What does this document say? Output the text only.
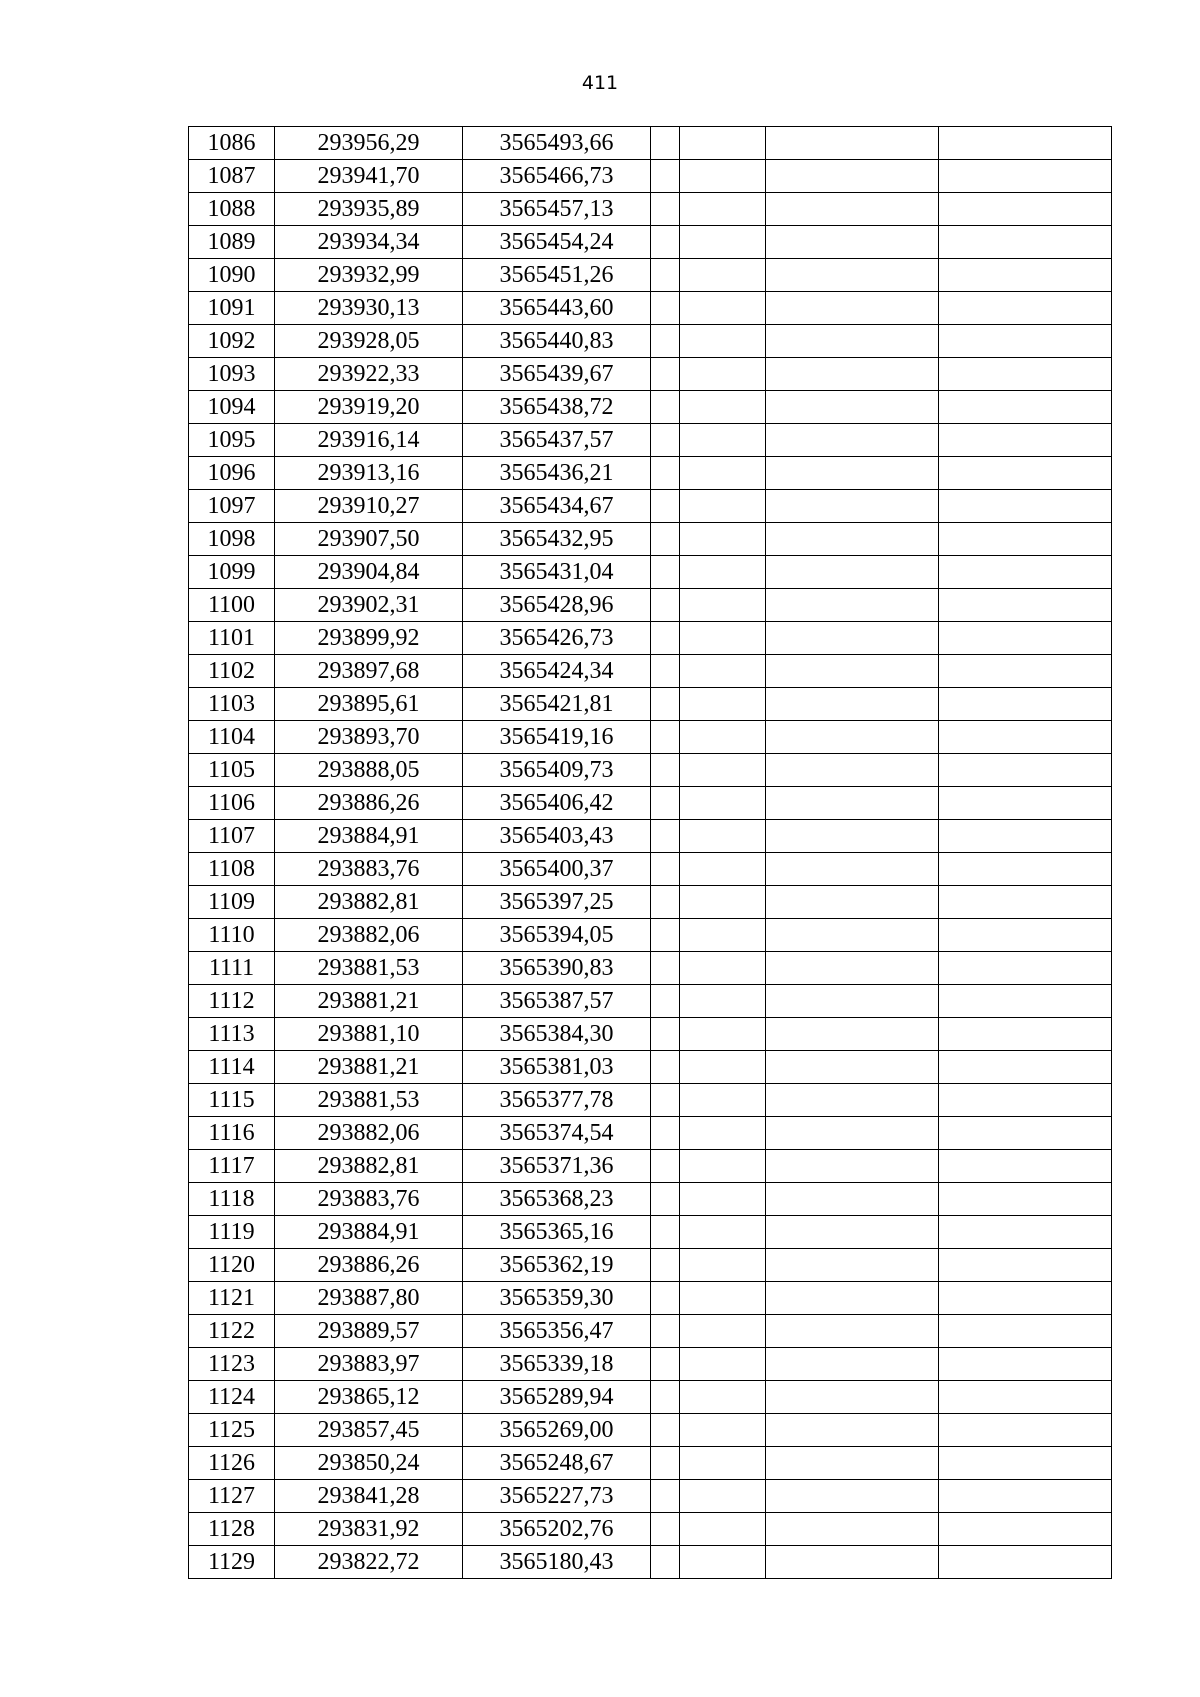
411
1086	293956,29	3565493,66				
1087	293941,70	3565466,73				
1088	293935,89	3565457,13				
1089	293934,34	3565454,24				
1090	293932,99	3565451,26				
1091	293930,13	3565443,60				
1092	293928,05	3565440,83				
1093	293922,33	3565439,67				
1094	293919,20	3565438,72				
1095	293916,14	3565437,57				
1096	293913,16	3565436,21				
1097	293910,27	3565434,67				
1098	293907,50	3565432,95				
1099	293904,84	3565431,04				
1100	293902,31	3565428,96				
1101	293899,92	3565426,73				
1102	293897,68	3565424,34				
1103	293895,61	3565421,81				
1104	293893,70	3565419,16				
1105	293888,05	3565409,73				
1106	293886,26	3565406,42				
1107	293884,91	3565403,43				
1108	293883,76	3565400,37				
1109	293882,81	3565397,25				
1110	293882,06	3565394,05				
1111	293881,53	3565390,83				
1112	293881,21	3565387,57				
1113	293881,10	3565384,30				
1114	293881,21	3565381,03				
1115	293881,53	3565377,78				
1116	293882,06	3565374,54				
1117	293882,81	3565371,36				
1118	293883,76	3565368,23				
1119	293884,91	3565365,16				
1120	293886,26	3565362,19				
1121	293887,80	3565359,30				
1122	293889,57	3565356,47				
1123	293883,97	3565339,18				
1124	293865,12	3565289,94				
1125	293857,45	3565269,00				
1126	293850,24	3565248,67				
1127	293841,28	3565227,73				
1128	293831,92	3565202,76				
1129	293822,72	3565180,43				
